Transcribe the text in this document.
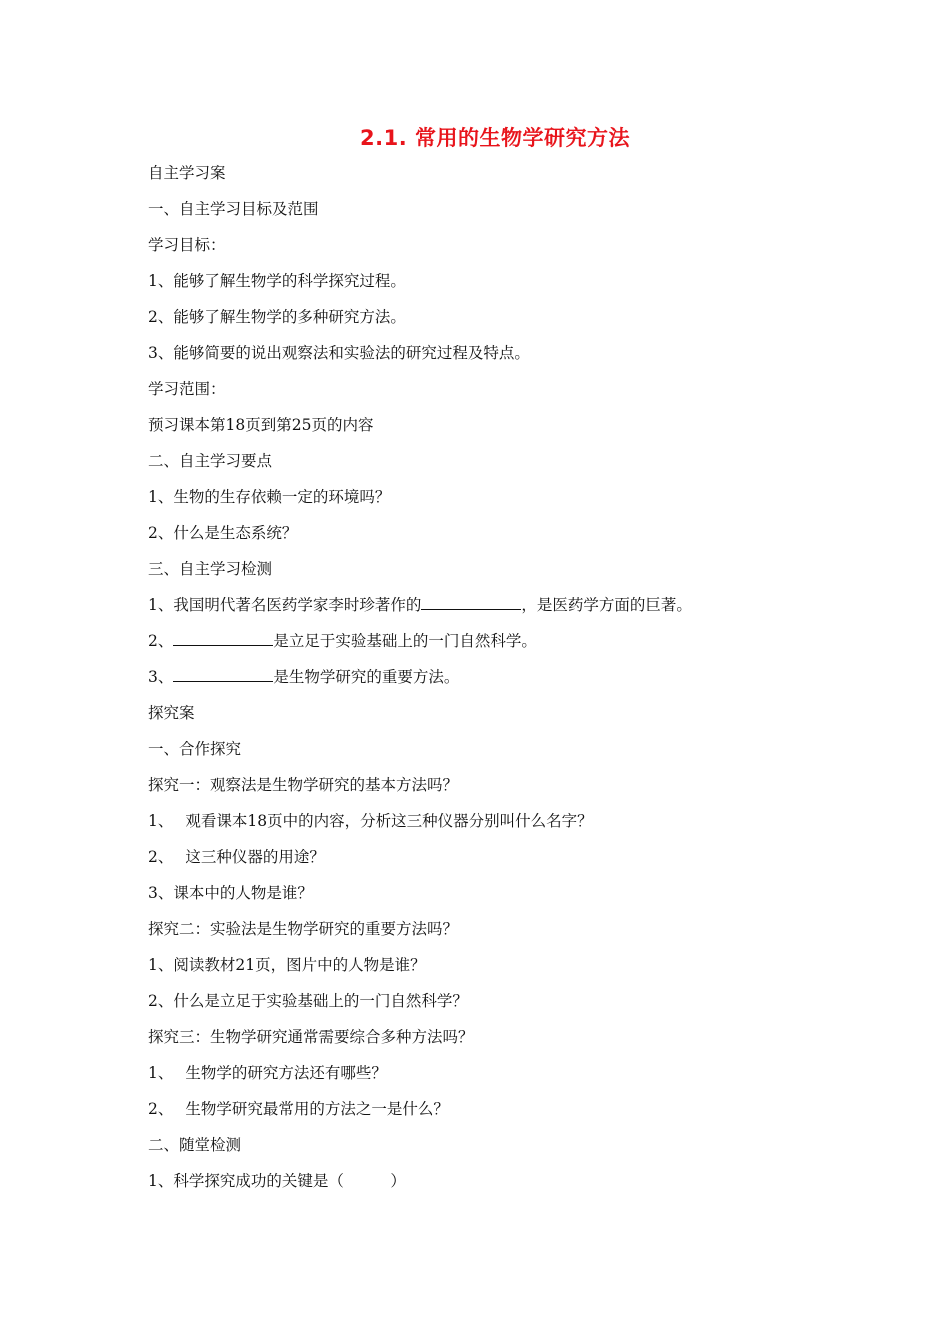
2.1. 常用的生物学研究方法
自主学习案
一、自主学习目标及范围
学习目标：
1、能够了解生物学的科学探究过程。
2、能够了解生物学的多种研究方法。
3、能够简要的说出观察法和实验法的研究过程及特点。
学习范围：
预习课本第18页到第25页的内容
二、自主学习要点
1、生物的生存依赖一定的环境吗？
2、什么是生态系统？
三、自主学习检测
1、我国明代著名医药学家李时珍著作的	，是医药学方面的巨著。
2、	是立足于实验基础上的一门自然科学。
3、	是生物学研究的重要方法。
探究案
一、合作探究
探究一：观察法是生物学研究的基本方法吗？
1、 观看课本18页中的内容，分析这三种仪器分别叫什么名字？
2、 这三种仪器的用途？
3、课本中的人物是谁？
探究二：实验法是生物学研究的重要方法吗？
1、阅读教材21页，图片中的人物是谁？
2、什么是立足于实验基础上的一门自然科学？
探究三：生物学研究通常需要综合多种方法吗？
1、 生物学的研究方法还有哪些？
2、 生物学研究最常用的方法之一是什么？
二、随堂检测
1、科学探究成功的关键是（　　　）
